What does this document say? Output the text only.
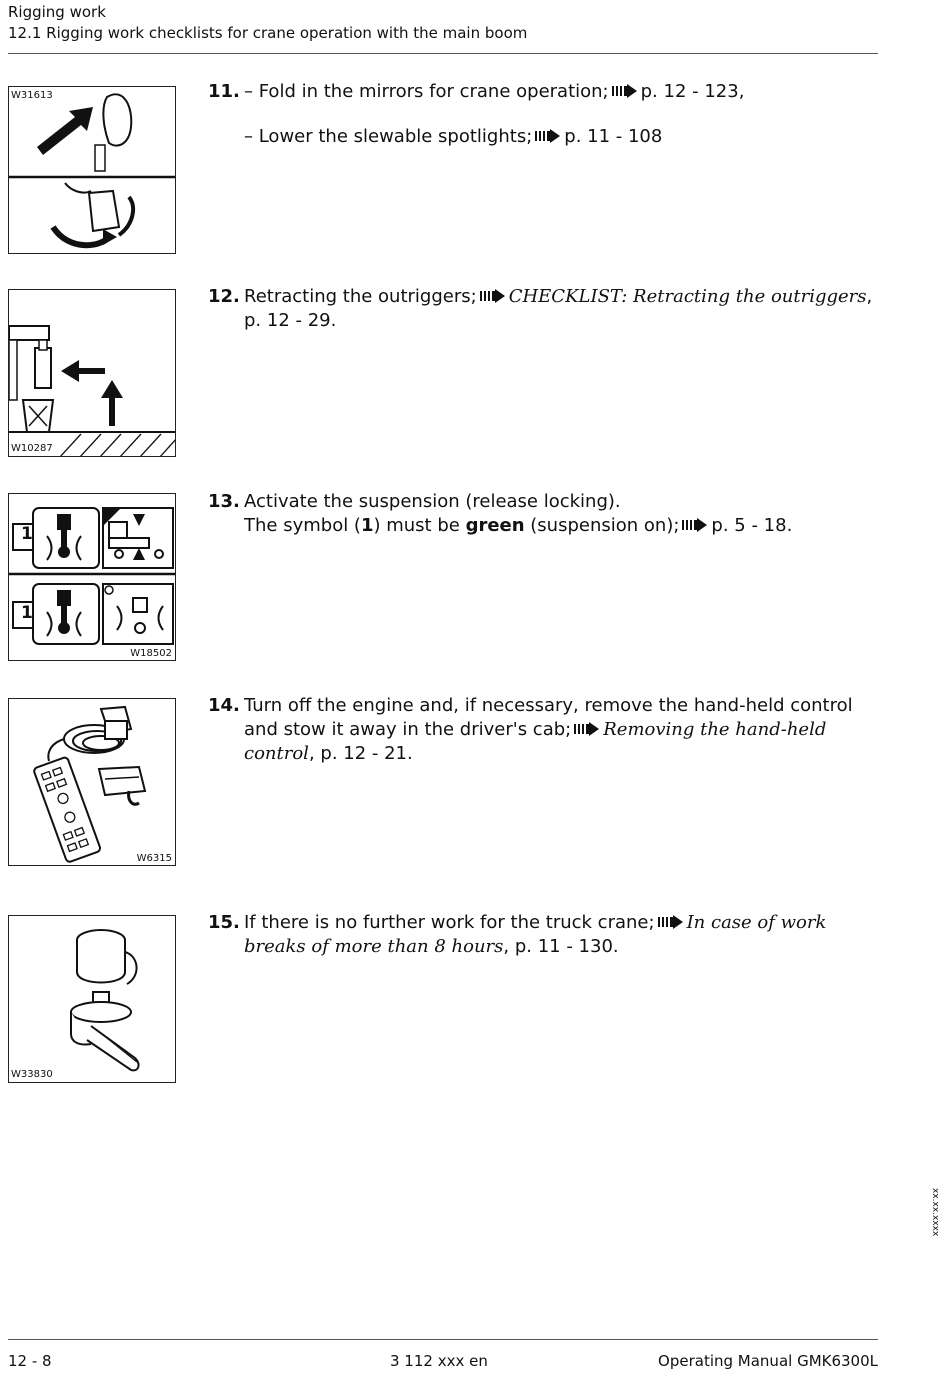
Rigging work
12.1 Rigging work checklists for crane operation with the main boom
W31613
W10287
1
1
W18502
W6315
W33830
11. – Fold in the mirrors for crane operation; p. 12 - 123,
– Lower the slewable spotlights; p. 11 - 108
12. Retracting the outriggers; CHECKLIST: Retracting the outriggers, p. 12 - 29.
13. Activate the suspension (release locking).
The symbol (1) must be green (suspension on); p. 5 - 18.
14. Turn off the engine and, if necessary, remove the hand-held control and stow it away in the driver's cab; Removing the hand-held control, p. 12 - 21.
15. If there is no further work for the truck crane; In case of work breaks of more than 8 hours, p. 11 - 130.
xx.xx.xxxx
12 - 8	3 112 xxx en	Operating Manual GMK6300L
